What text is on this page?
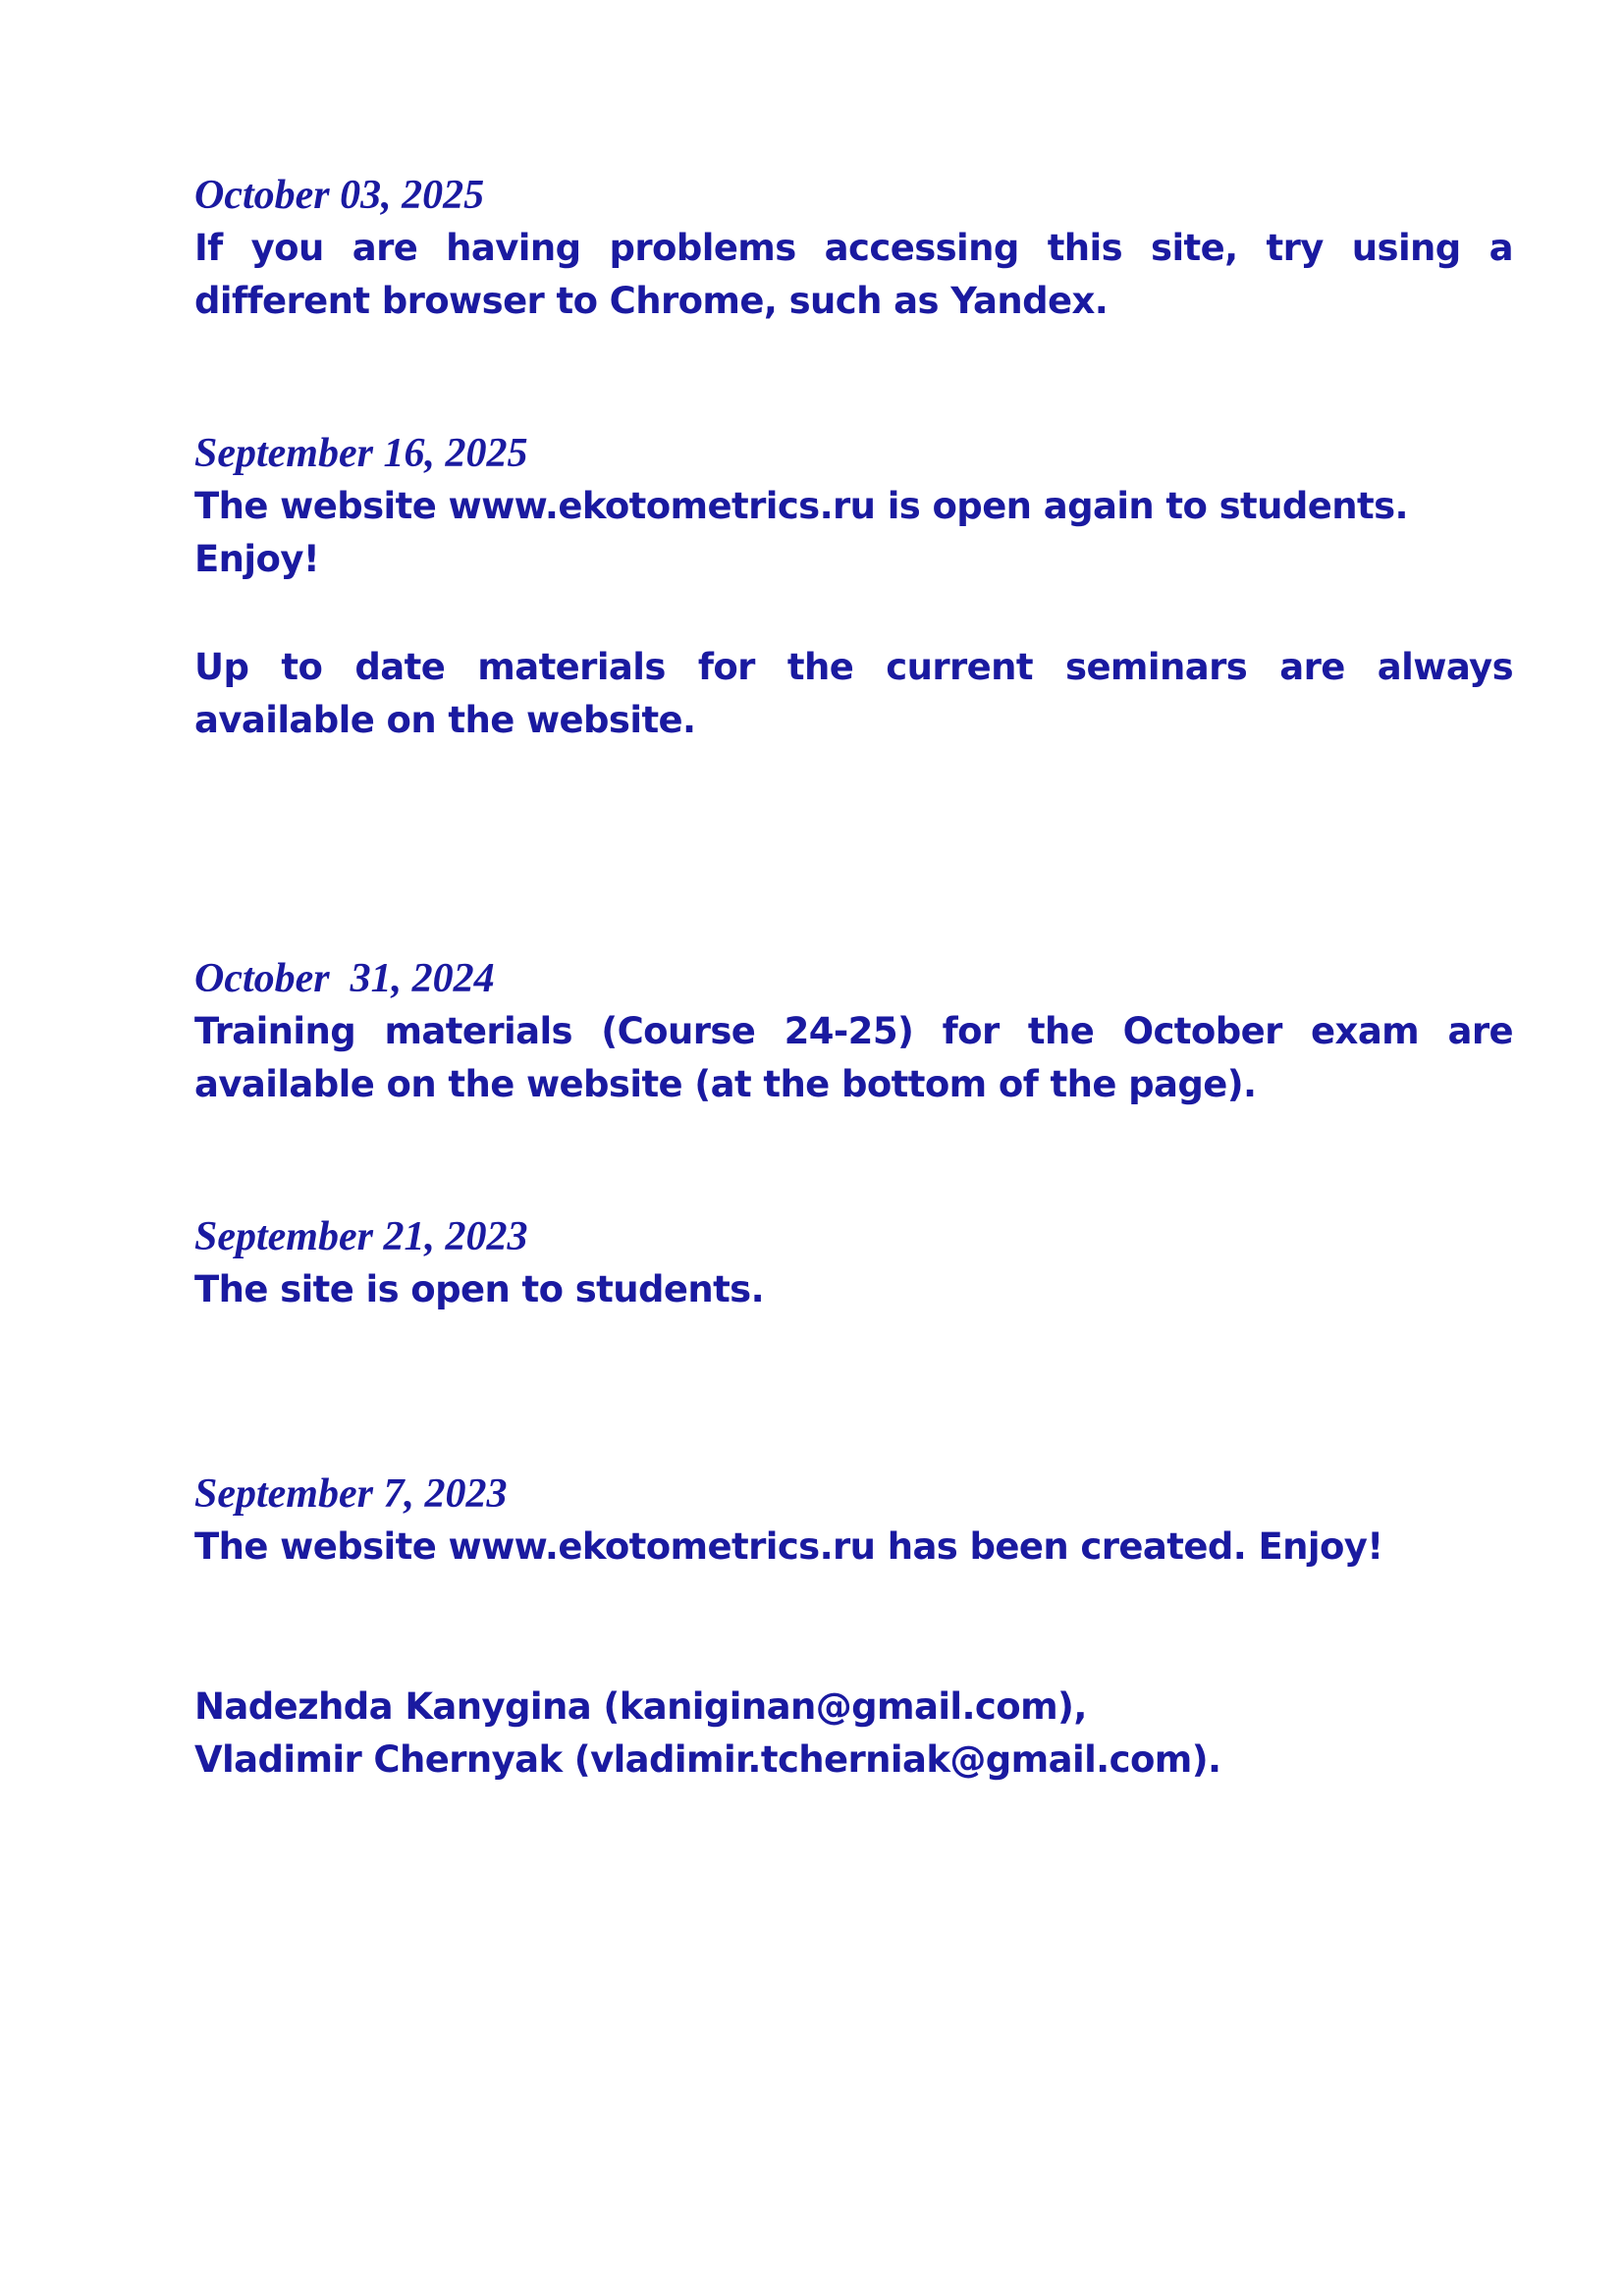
October 03, 2025

If you are having problems accessing this site, try using a different browser to Chrome, such as Yandex.

September 16, 2025

The website www.ekotometrics.ru is open again to students. Enjoy!

Up to date materials for the current seminars are always available on the website.

October  31, 2024

Training materials (Course 24-25) for the October exam are available on the website (at the bottom of the page).

September 21, 2023

The site is open to students.

September 7, 2023

The website www.ekotometrics.ru has been created. Enjoy!

Nadezhda Kanygina (kaniginan@gmail.com),

Vladimir Chernyak (vladimir.tcherniak@gmail.com).
